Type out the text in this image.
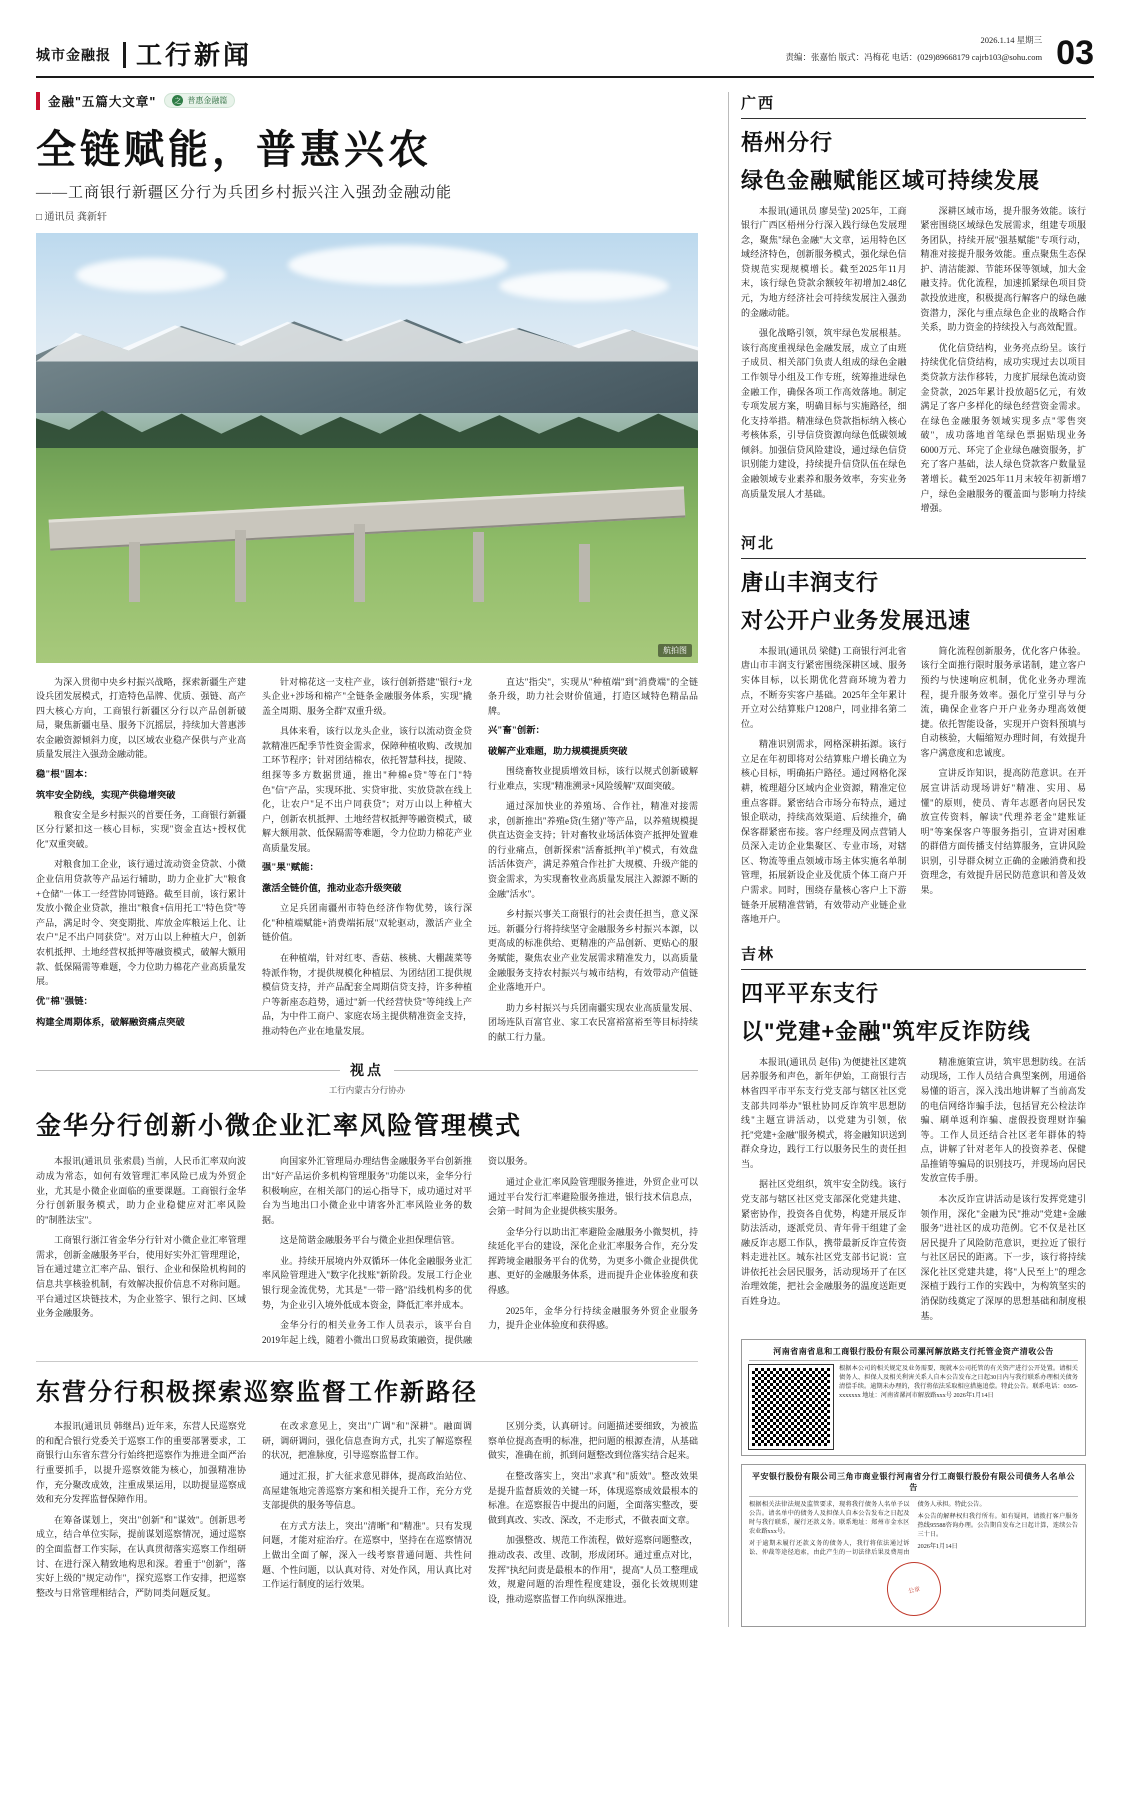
城市金融报 工行新闻	2026.1.14 星期三
责编：张嘉怡 版式：冯梅花 电话：(029)89668179 cajrb103@sohu.com 03
金融"五篇大文章"	之 普惠金融篇
全链赋能，普惠兴农
——工商银行新疆区分行为兵团乡村振兴注入强劲金融动能
□ 通讯员 龚新轩
航拍图

为深入贯彻中央乡村振兴战略，探索新疆生产建设兵团发展模式，打造特色品牌、优质、强链、高产四大核心方向，工商银行新疆区分行以产品创新破局，聚焦新疆屯垦、服务下沉摇层，持续加大普惠涉农金融资源倾斜力度，以区域农业稳产保供与产业高质量发展注入强劲金融动能。

稳"根"固本：

筑牢安全防线，实现产供稳增突破

粮食安全是乡村振兴的首要任务，工商银行新疆区分行紧扣这一核心目标，实现"资金直达+授权优化"双重突破。

对粮食加工企业，该行通过流动资金贷款、小微企业信用贷款等产品运行辅助，助力企业扩大"粮食+仓储"一体工一经营协同链路。截至目前，该行累计发放小微企业贷款，推出"粮食+信用托工"特色贷"等产品，满足时令、突变期批、库放金库粮运上化、让农户"足不出户同获贷"。对万山以上种植大户，创新农机抵押、土地经营权抵押等融资模式，破解大额用款、低保隔需等难题，令力位助力棉花产业高质量发展。

优"棉"强链：

构建全周期体系，破解融资痛点突破

针对棉花这一支柱产业，该行创新搭建"银行+龙头企业+涉场和棉产"全链条金融服务体系，实现"撬盖全周期、服务全群"双重升级。

具体来看，该行以龙头企业，该行以流动资金贷款精准匹配季节性资金需求，保障种植收购、改规加工环节程序；针对团结棉农，依托智慧科技，提陵、组探等多方数据贯通，推出"种棉e贷"等在门"特色"信"产品，实现环批、实贷审批、实放贷款在线上化，让农户"足不出户同获贷"；对万山以上种植大户，创新农机抵押、土地经营权抵押等融资模式，破解大额用款、低保隔需等难题，令力位助力棉花产业高质量发展。

强"果"赋能：

激活全链价值，推动业态升级突破

立足兵团南疆州市特色经济作物优势，该行深化"种植端赋能+消费端拓展"双轮驱动，激活产业全链价值。

在种植端，针对红枣、香菇、核桃、大棚蔬菜等特派作物，才提供规模化种植层、为团结团工提供规模信贷支持，并产品配套全周期信贷支持，许多种植户等新座态趋势，通过"新一代经营快贷"等纯线上产品，为中件工商户、家庭农场主提供精准资金支持，推动特色产业在地量发展。

直达"指尖"，实现从"种植端"到"消费端"的全链条升级，助力社会财价值通，打造区域特色精品品牌。

兴"畜"创新：

破解产业难题，助力规模提质突破

围绕畜牧业提质增效目标，该行以规式创新破解行业难点，实现"精准溯录+风险缓解"双面突破。

通过深加快业的养殖场、合作社，精准对接需求，创新推出"养殖e贷(生猪)"等产品，以养殖规模提供直达资金支持；针对畜牧业场活体资产抵押处置难的行业痛点，创新探索"活畜抵押(羊)"模式，有效盘活活体资产，满足养殖合作社扩大规模、升级产能的资金需求，为实现畜牧业高质量发展注入源源不断的金融"活水"。

乡村振兴事关工商银行的社会责任担当，意义深远。新疆分行将持续坚守金融服务乡村振兴本源，以更高成的标准供给、更精准的产品创新、更贴心的服务赋能，聚焦农业产业发展需求精准发力，以高质量金融服务支持农村振兴与城市结构，有效带动产值链企业落地开户。

助力乡村振兴与兵团南疆实现农业高质量发展、团场连队百富官业、家工农民富裕富裕至等目标持续的献工行力量。

视点
工行内蒙古分行协办
金华分行创新小微企业汇率风险管理模式

本报讯(通讯员 张索晨) 当前，人民币汇率双向波动成为常态，如何有效管理汇率风险已成为外贸企业，尤其是小微企业面临的重要课题。工商银行金华分行创新服务模式，助力企业稳健应对汇率风险的"制胜法宝"。

工商银行浙江省金华分行针对小微企业汇率管理需求，创新金融服务平台，使用好实外汇管理理论，旨在通过建立汇率产品、银行、企业和保险机构间的信息共享核验机制，有效解决报价信息不对称问题。平台通过区块链技术，为企业签字、银行之间、区域业务金融服务。

向国家外汇管理局办理结售金融服务平台创新推出"好产品运价多机构管理服务"功能以来，金华分行积极响应，在相关部门的运心指导下，成功通过对平台为当地出口小微企业中请客外汇率风险业务的数据。

这是简谐金融服务平台与微企业担保理信管。

业。持续开展境内外双循环一体化金融服务业汇率风险管理进入"数字化找账"新阶段。发展工行企业银行现金流优势，尤其是"一带一路"沿线机构多的优势，为企业引入境外低成本资金，降低汇率并成本。

金华分行的相关业务工作人员表示，该平台自2019年起上线，随着小微出口贸易政策融资，提供融资以服务。

通过企业汇率风险管理服务推进，外贸企业可以通过平台发行汇率避险服务推进，银行技术信息点，会第一时间为企业提供核实服务。

金华分行以助出汇率避险金融服务小微契机，持续延化平台的建设，深化企业汇率服务合作，充分发挥跨境金融服务平台的优势，为更多小微企业提供优惠、更好的金融服务体系，进而提升企业体验度和获得感。

2025年，金华分行持续金融服务外贸企业服务力，提升企业体验度和获得感。

东营分行积极探索巡察监督工作新路径

本报讯(通讯员 韩继昌) 近年来，东营人民巡察党的和配合银行党委关于巡察工作的重要部署要求，工商银行山东省东营分行始终把巡察作为推进全面严治行重要抓手，以提升巡察效能为核心，加强精准协作，充分聚改成效，注重成果运用，以助提显巡察成效和充分发挥监督保障作用。

在筹备谋划上，突出"创新"和"谋效"。创新思考成立，结合单位实际，提前谋划巡察情况，通过巡察的全面监督工作实际，在认真贯彻落实巡察工作组研讨、在进行深入精致地构思和深。着重于"创新"，落实好上级的"规定动作"，探究巡察工作安排，把巡察整改与日常管理相结合，严防同类问题反复。

在改求意见上，突出"广调"和"深耕"。融面调研，调研调问，强化信息查询方式，扎实了解巡察程的状况，把准脉度，引导巡察监督工作。

通过汇报，扩大征求意见群体，提高政治站位、高屋建瓴地完善巡察方案和相关提升工作，充分方党支部提供的服务等信息。

在方式方法上，突出"清晰"和"精准"。只有发现问题，才能对症治疗。在巡察中，坚持在在巡察情况上做出全面了解，深入一线考察普通问题、共性问题、个性问题，以认真对待、对处作风，用认真比对工作运行制度的运行效果。

区别分类，认真研讨。问题描述要细致，为被监察单位提高查明的标准，把问题的根源查清，从基础做实，准确在前，抓到问题整改到位落实结合起来。

在整改落实上，突出"求真"和"质效"。整改效果是提升监督质效的关键一环，体现巡察成效最根本的标准。在巡察报告中提出的问题，全面落实整改，要做到真改、实改、深改，不走形式，不做表面文章。

加强整改、规范工作流程，做好巡察问题整改，推动改表、改里、改制，形成闭环。通过重点对比，发挥"执纪问责是最根本的作用"，提高"人员工整理成效，规避问题的治理性程度建设，强化长效规则建设，推动巡察监督工作向纵深推进。

广西
梧州分行
绿色金融赋能区域可持续发展

本报讯(通讯员 廖昊莹) 2025年，工商银行广西区梧州分行深入践行绿色发展理念，聚焦"绿色金融"大文章，运用特色区域经济特色，创新服务模式，强化绿色信贷规范实现规模增长。截至2025年11月末，该行绿色贷款余额较年初增加2.48亿元，为地方经济社会可持续发展注入强劲的金融动能。

强化战略引领，筑牢绿色发展根基。该行高度重视绿色金融发展，成立了由班子成员、相关部门负责人组成的绿色金融工作领导小组及工作专班，统筹推进绿色金融工作，确保各项工作高效落地。制定专项发展方案，明确目标与实施路径，细化支持举措。精准绿色贷款指标纳入核心考核体系，引导信贷资源向绿色低碳领域倾斜。加强信贷风险建设，通过绿色信贷识别能力建设，持续提升信贷队伍在绿色金融领域专业素养和服务效率，夯实业务高质量发展人才基础。

深耕区域市场，提升服务效能。该行紧密围绕区域绿色发展需求，组建专项服务团队，持续开展"强基赋能"专项行动，精准对接提升服务效能。重点聚焦生态保护、清洁能源、节能环保等领域，加大金融支持。优化流程，加速抓紧绿色项目贷款投放进度，积极提高行解客户的绿色融资潜力，深化与重点绿色企业的战略合作关系，助力资金的持续投入与高效配置。

优化信贷结构，业务亮点纷呈。该行持续优化信贷结构，成功实现过去以项目类贷款方法作移转，力度扩展绿色流动资金贷款，2025年累计投放超5亿元，有效满足了客户多样化的绿色经营资金需求。在绿色金融服务领域实现多点"零售突破"，成功落地首笔绿色票据贴现业务6000万元、环完了企业绿色融资服务，扩充了客户基础，法人绿色贷款客户数量显著增长。截至2025年11月末较年初新增7户，绿色金融服务的覆盖面与影响力持续增强。

河北
唐山丰润支行
对公开户业务发展迅速

本报讯(通讯员 梁健) 工商银行河北省唐山市丰润支行紧密围绕深耕区域、服务实体目标，以长期优化营商环境为着力点，不断夯实客户基础。2025年全年累计开立对公结算账户1208户，同业排名第二位。

精准识别需求，网格深耕拓源。该行立足在年初即将对公结算账户增长确立为核心目标，明确拓户路径。通过网格化深耕，梳理超分区域内企业资源，精准定位重点客群。紧密结合市场分布特点，通过银企联动，持续高效渠道、后续推介，确保客群紧密布接。客户经理及网点营销人员深入走访企业集聚区、专业市场，对辖区、物流等重点领域市场主体实施名单制管理，拓展新设企业及优质个体工商户开户需求。同时，围绕存量核心客户上下游链条开展精准营销，有效带动产业链企业落地开户。

简化流程创新服务，优化客户体验。该行全面推行限时服务承诺制，建立客户预约与快速响应机制，优化业务办理流程，提升服务效率。强化厅堂引导与分流，确保企业客户开户业务办理高效便捷。依托智能设备，实现开户资料预填与自动核验，大幅缩短办理时间，有效提升客户满意度和忠诚度。

宣讲反诈知识，提高防范意识。在开展宣讲活动现场讲好"精准、实用、易懂"的原则，使员、青年志愿者向居民发放宣传资料，解读"代理养老金"建账证明"等案保客户等服务指引，宣讲对困难的群借方面传播支付结算服务，宣讲风险识别，引导群众树立正确的金融消费和投资理念，有效提升居民防范意识和普及效果。

吉林
四平平东支行
以"党建+金融"筑牢反诈防线

本报讯(通讯员 赵伟) 为便捷社区建筑居养服务和声色，新年伊始，工商银行吉林省四平市平东支行党支部与辖区社区党支部共同举办"银杜协同反诈筑牢思想防线"主题宣讲活动，以党建为引领，依托"党建+金融"服务模式，将金融知识送到群众身边，践行工行以服务民生的责任担当。

据社区党组织，筑牢安全防线。该行党支部与辖区社区党支部深化党建共建、紧密协作，投资各自优势，构建开展反诈防法活动，逐派党员、青年骨干组建了金融反诈志愿工作队，携带最新反诈宣传资料走进社区。城东社区党支部书记说：宣讲依托社会居民服务，活动现场开了在区治理效能，把社会金融服务的温度送距更百姓身边。

精准施策宣讲，筑牢思想防线。在活动现场，工作人员结合典型案例，用通俗易懂的语言，深入浅出地讲解了当前高发的电信网络诈骗手法，包括冒充公检法诈骗、刷单返利诈骗、虚假投资理财诈骗等。工作人员还结合社区老年群体的特点，讲解了针对老年人的投资养老、保健品推销等骗局的识别技巧，并现场向居民发放宣传手册。

本次反诈宣讲活动是该行发挥党建引领作用，深化"金融为民"推动"党建+金融服务"进社区的成功范例。它不仅是社区居民提升了风险防范意识，更拉近了银行与社区居民的距离。下一步，该行将持续深化社区党建共建，将"人民至上"的理念深植于践行工作的实践中，为构筑坚实的消保防线奠定了深厚的思想基础和制度根基。

河南省南省息和工商银行股份有限公司漯河解放路支行托管金资产清收公告
根据本公司的相关规定及业务需要，现就本公司托管的有关资产进行公开处置。请相关债务人、担保人及相关利害关系人自本公告发布之日起30日内与我行联系办理相关债务清偿手续。逾期未办理的，我行将依法采取相应措施追偿。特此公告。联系电话：0395-xxxxxxx 地址：河南省漯河市解放路xxx号 2026年1月14日
平安银行股份有限公司三角市商业银行河南省分行工商银行股份有限公司债务人名单公告

根据相关法律法规及监管要求，现将我行债务人名单予以公告。请名单中的债务人及担保人自本公告发布之日起及时与我行联系，履行还款义务。联系地址：郑州市金水区农业路xxx号。

对于逾期未履行还款义务的债务人，我行将依法通过诉讼、仲裁等途径追索，由此产生的一切法律后果及费用由债务人承担。特此公告。

本公告的解释权归我行所有。如有疑问，请拨打客户服务热线95588咨询办理。公告期自发布之日起计算，连续公告三十日。

2026年1月14日

公章
